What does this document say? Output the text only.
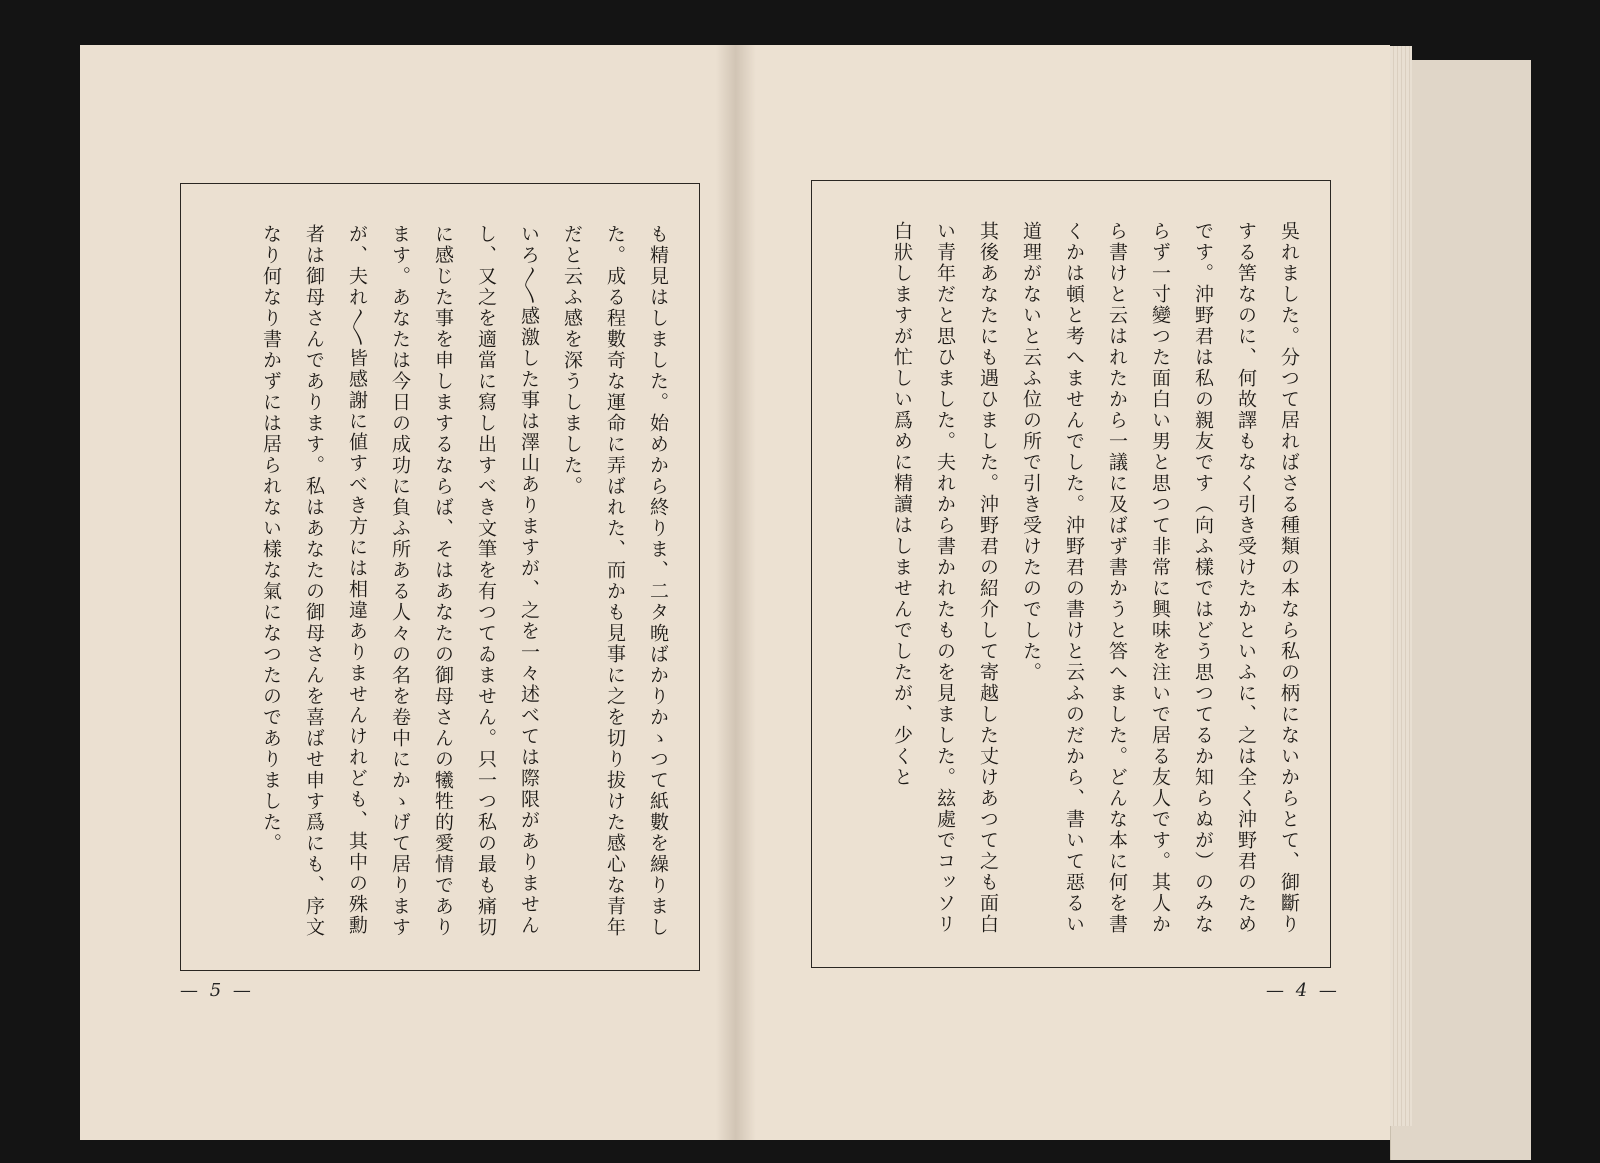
も精見はしました。始めから終りま、二タ晩ばかりかゝつて紙數を繰りました。成る程數奇な運命に弄ばれた、而かも見事に之を切り拔けた感心な青年だと云ふ感を深うしました。
いろ〳〵感激した事は澤山ありますが、之を一々述べては際限がありませんし、又之を適當に寫し出すべき文筆を有つてゐません。只一つ私の最も痛切に感じた事を申しまするならば、そはあなたの御母さんの犧牲的愛情であります。あなたは今日の成功に負ふ所ある人々の名を卷中にかゝげて居りますが、夫れ〳〵皆感謝に値すべき方には相違ありませんけれども、其中の殊勳者は御母さんであります。私はあなたの御母さんを喜ばせ申す爲にも、序文なり何なり書かずには居られない樣な氣になつたのでありました。
— 5 —
吳れました。分つて居ればさる種類の本なら私の柄にないからとて、御斷りする筈なのに、何故譯もなく引き受けたかといふに、之は全く沖野君のためです。沖野君は私の親友です（向ふ樣ではどう思つてるか知らぬが）のみならず一寸變つた面白い男と思つて非常に興味を注いで居る友人です。其人から書けと云はれたから一議に及ばず書かうと答へました。どんな本に何を書くかは頓と考へませんでした。沖野君の書けと云ふのだから、書いて惡るい道理がないと云ふ位の所で引き受けたのでした。
其後あなたにも遇ひました。沖野君の紹介して寄越した丈けあつて之も面白い青年だと思ひました。夫れから書かれたものを見ました。玆處でコッソリ白狀しますが忙しい爲めに精讀はしませんでしたが、少くと
— 4 —
